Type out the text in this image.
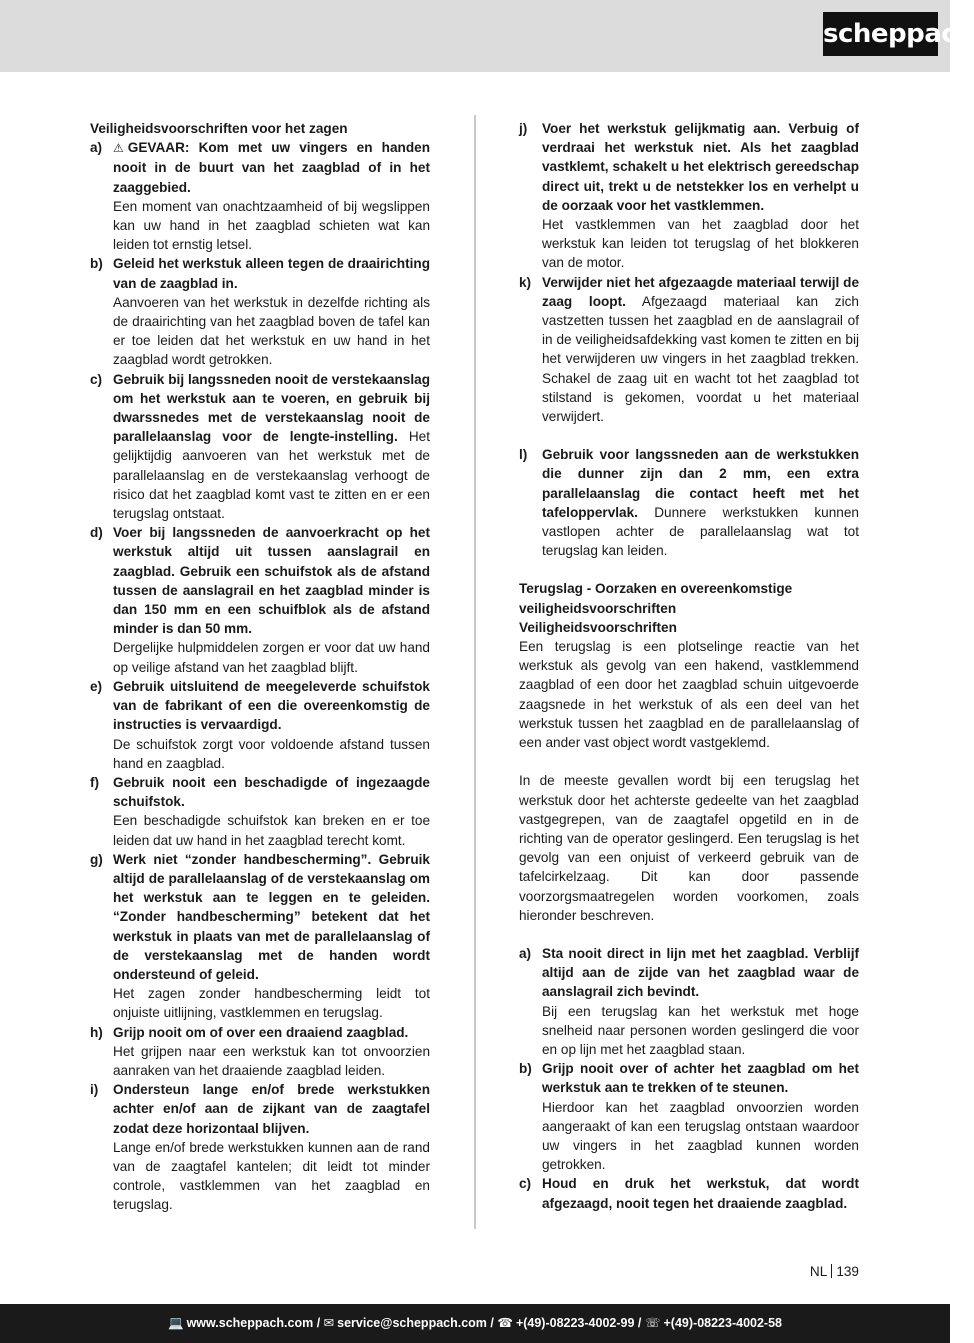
scheppach
Veiligheidsvoorschriften voor het zagen
a) ⚠ GEVAAR: Kom met uw vingers en handen nooit in de buurt van het zaagblad of in het zaaggebied.

Een moment van onachtzaamheid of bij wegslippen kan uw hand in het zaagblad schieten wat kan leiden tot ernstig letsel.

b) Geleid het werkstuk alleen tegen de draairichting van de zaagblad in.

Aanvoeren van het werkstuk in dezelfde richting als de draairichting van het zaagblad boven de tafel kan er toe leiden dat het werkstuk en uw hand in het zaagblad wordt getrokken.

c) Gebruik bij langssneden nooit de verstekaanslag om het werkstuk aan te voeren, en gebruik bij dwarssnedes met de verstekaanslag nooit de parallelaanslag voor de lengte-instelling. Het gelijktijdig aanvoeren van het werkstuk met de parallelaanslag en de verstekaanslag verhoogt de risico dat het zaagblad komt vast te zitten en er een terugslag ontstaat.

d) Voer bij langssneden de aanvoerkracht op het werkstuk altijd uit tussen aanslagrail en zaagblad. Gebruik een schuifstok als de afstand tussen de aanslagrail en het zaagblad minder is dan 150 mm en een schuifblok als de afstand minder is dan 50 mm.

Dergelijke hulpmiddelen zorgen er voor dat uw hand op veilige afstand van het zaagblad blijft.

e) Gebruik uitsluitend de meegeleverde schuifstok van de fabrikant of een die overeenkomstig de instructies is vervaardigd.

De schuifstok zorgt voor voldoende afstand tussen hand en zaagblad.

f)	Gebruik nooit een beschadigde of ingezaagde schuifstok.

Een beschadigde schuifstok kan breken en er toe leiden dat uw hand in het zaagblad terecht komt.

g) Werk niet “zonder handbescherming”. Gebruik altijd de parallelaanslag of de verstekaanslag om het werkstuk aan te leggen en te geleiden. “Zonder handbescherming” betekent dat het werkstuk in plaats van met de parallelaanslag of de verstekaanslag met de handen wordt ondersteund of geleid.

Het zagen zonder handbescherming leidt tot onjuiste uitlijning, vastklemmen en terugslag.

h) Grijp nooit om of over een draaiend zaagblad.

Het grijpen naar een werkstuk kan tot onvoorzien aanraken van het draaiende zaagblad leiden.

i)	Ondersteun lange en/of brede werkstukken achter en/of aan de zijkant van de zaagtafel zodat deze horizontaal blijven.

Lange en/of brede werkstukken kunnen aan de rand van de zaagtafel kantelen; dit leidt tot minder controle, vastklemmen van het zaagblad en terugslag.

j)	Voer het werkstuk gelijkmatig aan. Verbuig of verdraai het werkstuk niet. Als het zaagblad vastklemt, schakelt u het elektrisch gereedschap direct uit, trekt u de netstekker los en verhelpt u de oorzaak voor het vastklemmen.

Het vastklemmen van het zaagblad door het werkstuk kan leiden tot terugslag of het blokkeren van de motor.

k) Verwijder niet het afgezaagde materiaal terwijl de zaag loopt. Afgezaagd materiaal kan zich vastzetten tussen het zaagblad en de aanslagrail of in de veiligheidsafdekking vast komen te zitten en bij het verwijderen uw vingers in het zaagblad trekken. Schakel de zaag uit en wacht tot het zaagblad tot stilstand is gekomen, voordat u het materiaal verwijdert.

l)	Gebruik voor langssneden aan de werkstukken die dunner zijn dan 2 mm, een extra parallelaanslag die contact heeft met het tafeloppervlak. Dunnere werkstukken kunnen vastlopen achter de parallelaanslag wat tot terugslag kan leiden.

Terugslag - Oorzaken en overeenkomstige veiligheidsvoorschriften
Veiligheidsvoorschriften

Een terugslag is een plotselinge reactie van het werkstuk als gevolg van een hakend, vastklemmend zaagblad of een door het zaagblad schuin uitgevoerde zaagsnede in het werkstuk of als een deel van het werkstuk tussen het zaagblad en de parallelaanslag of een ander vast object wordt vastgeklemd.

In de meeste gevallen wordt bij een terugslag het werkstuk door het achterste gedeelte van het zaagblad vastgegrepen, van de zaagtafel opgetild en in de richting van de operator geslingerd. Een terugslag is het gevolg van een onjuist of verkeerd gebruik van de tafelcirkelzaag. Dit kan door passende voorzorgsmaatregelen worden voorkomen, zoals hieronder beschreven.

a) Sta nooit direct in lijn met het zaagblad. Verblijf altijd aan de zijde van het zaagblad waar de aanslagrail zich bevindt.

Bij een terugslag kan het werkstuk met hoge snelheid naar personen worden geslingerd die voor en op lijn met het zaagblad staan.

b) Grijp nooit over of achter het zaagblad om het werkstuk aan te trekken of te steunen.

Hierdoor kan het zaagblad onvoorzien worden aangeraakt of kan een terugslag ontstaan waardoor uw vingers in het zaagblad kunnen worden getrokken.

c) Houd en druk het werkstuk, dat wordt afgezaagd, nooit tegen het draaiende zaagblad.

NL 139
💻 www.scheppach.com / ✉ service@scheppach.com / ☎ +(49)-08223-4002-99 / ☏ +(49)-08223-4002-58
